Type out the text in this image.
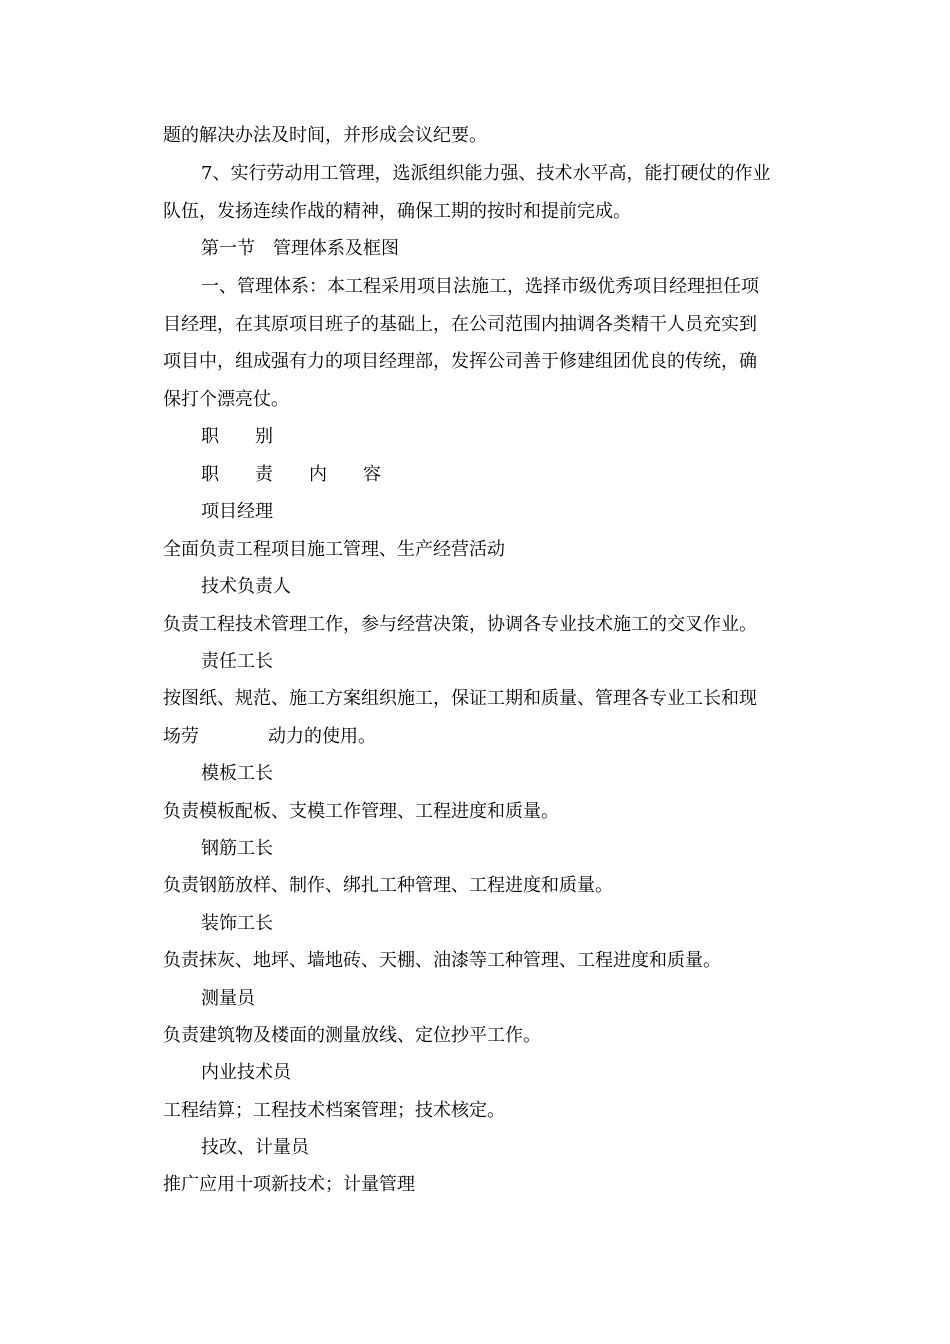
题的解决办法及时间，并形成会议纪要。
7、实行劳动用工管理，选派组织能力强、技术水平高，能打硬仗的作业
队伍，发扬连续作战的精神，确保工期的按时和提前完成。
第一节　管理体系及框图
一、管理体系：本工程采用项目法施工，选择市级优秀项目经理担任项
目经理，在其原项目班子的基础上，在公司范围内抽调各类精干人员充实到
项目中，组成强有力的项目经理部，发挥公司善于修建组团优良的传统，确
保打个漂亮仗。
职　　别
职　　责　　内　　容
项目经理
全面负责工程项目施工管理、生产经营活动
技术负责人
负责工程技术管理工作，参与经营决策，协调各专业技术施工的交叉作业。
责任工长
按图纸、规范、施工方案组织施工，保证工期和质量、管理各专业工长和现
场劳	动力的使用。
模板工长
负责模板配板、支模工作管理、工程进度和质量。
钢筋工长
负责钢筋放样、制作、绑扎工种管理、工程进度和质量。
装饰工长
负责抹灰、地坪、墙地砖、天棚、油漆等工种管理、工程进度和质量。
测量员
负责建筑物及楼面的测量放线、定位抄平工作。
内业技术员
工程结算；工程技术档案管理；技术核定。
技改、计量员
推广应用十项新技术；计量管理
